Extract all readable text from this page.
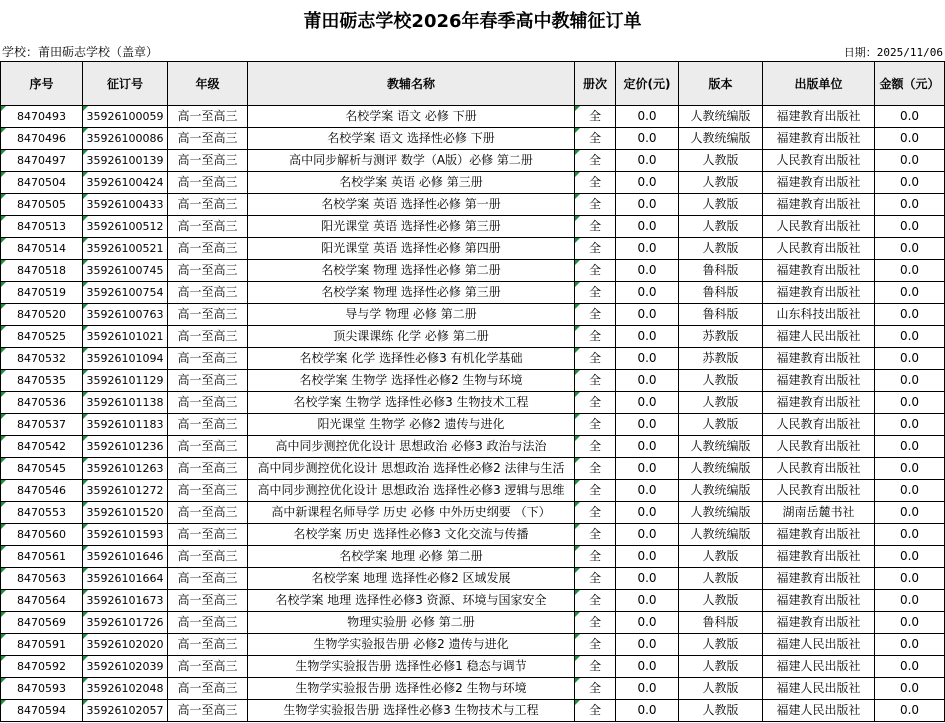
莆田砺志学校2026年春季高中教辅征订单
学校：莆田砺志学校（盖章）	日期：2025/11/06
序号	征订号	年级	教辅名称	册次	定价(元)	版本	出版单位	金额（元）
8470493	35926100059	高一至高三	名校学案 语文 必修 下册	全	0.0	人教统编版	福建教育出版社	0.0
8470496	35926100086	高一至高三	名校学案 语文 选择性必修 下册	全	0.0	人教统编版	福建教育出版社	0.0
8470497	35926100139	高一至高三	高中同步解析与测评 数学（A版）必修 第二册	全	0.0	人教版	人民教育出版社	0.0
8470504	35926100424	高一至高三	名校学案 英语 必修 第三册	全	0.0	人教版	福建教育出版社	0.0
8470505	35926100433	高一至高三	名校学案 英语 选择性必修 第一册	全	0.0	人教版	福建教育出版社	0.0
8470513	35926100512	高一至高三	阳光课堂 英语 选择性必修 第三册	全	0.0	人教版	人民教育出版社	0.0
8470514	35926100521	高一至高三	阳光课堂 英语 选择性必修 第四册	全	0.0	人教版	人民教育出版社	0.0
8470518	35926100745	高一至高三	名校学案 物理 选择性必修 第二册	全	0.0	鲁科版	福建教育出版社	0.0
8470519	35926100754	高一至高三	名校学案 物理 选择性必修 第三册	全	0.0	鲁科版	福建教育出版社	0.0
8470520	35926100763	高一至高三	导与学 物理 必修 第二册	全	0.0	鲁科版	山东科技出版社	0.0
8470525	35926101021	高一至高三	顶尖课课练 化学 必修 第二册	全	0.0	苏教版	福建人民出版社	0.0
8470532	35926101094	高一至高三	名校学案 化学 选择性必修3 有机化学基础	全	0.0	苏教版	福建教育出版社	0.0
8470535	35926101129	高一至高三	名校学案 生物学 选择性必修2 生物与环境	全	0.0	人教版	福建教育出版社	0.0
8470536	35926101138	高一至高三	名校学案 生物学 选择性必修3 生物技术工程	全	0.0	人教版	福建教育出版社	0.0
8470537	35926101183	高一至高三	阳光课堂 生物学 必修2 遗传与进化	全	0.0	人教版	人民教育出版社	0.0
8470542	35926101236	高一至高三	高中同步测控优化设计 思想政治 必修3 政治与法治	全	0.0	人教统编版	人民教育出版社	0.0
8470545	35926101263	高一至高三	高中同步测控优化设计 思想政治 选择性必修2 法律与生活	全	0.0	人教统编版	人民教育出版社	0.0
8470546	35926101272	高一至高三	高中同步测控优化设计 思想政治 选择性必修3 逻辑与思维	全	0.0	人教统编版	人民教育出版社	0.0
8470553	35926101520	高一至高三	高中新课程名师导学 历史 必修 中外历史纲要 （下）	全	0.0	人教统编版	湖南岳麓书社	0.0
8470560	35926101593	高一至高三	名校学案 历史 选择性必修3 文化交流与传播	全	0.0	人教统编版	福建教育出版社	0.0
8470561	35926101646	高一至高三	名校学案 地理 必修 第二册	全	0.0	人教版	福建教育出版社	0.0
8470563	35926101664	高一至高三	名校学案 地理 选择性必修2 区域发展	全	0.0	人教版	福建教育出版社	0.0
8470564	35926101673	高一至高三	名校学案 地理 选择性必修3 资源、环境与国家安全	全	0.0	人教版	福建教育出版社	0.0
8470569	35926101726	高一至高三	物理实验册 必修 第二册	全	0.0	鲁科版	福建教育出版社	0.0
8470591	35926102020	高一至高三	生物学实验报告册 必修2 遗传与进化	全	0.0	人教版	福建人民出版社	0.0
8470592	35926102039	高一至高三	生物学实验报告册 选择性必修1 稳态与调节	全	0.0	人教版	福建人民出版社	0.0
8470593	35926102048	高一至高三	生物学实验报告册 选择性必修2 生物与环境	全	0.0	人教版	福建人民出版社	0.0
8470594	35926102057	高一至高三	生物学实验报告册 选择性必修3 生物技术与工程	全	0.0	人教版	福建人民出版社	0.0
